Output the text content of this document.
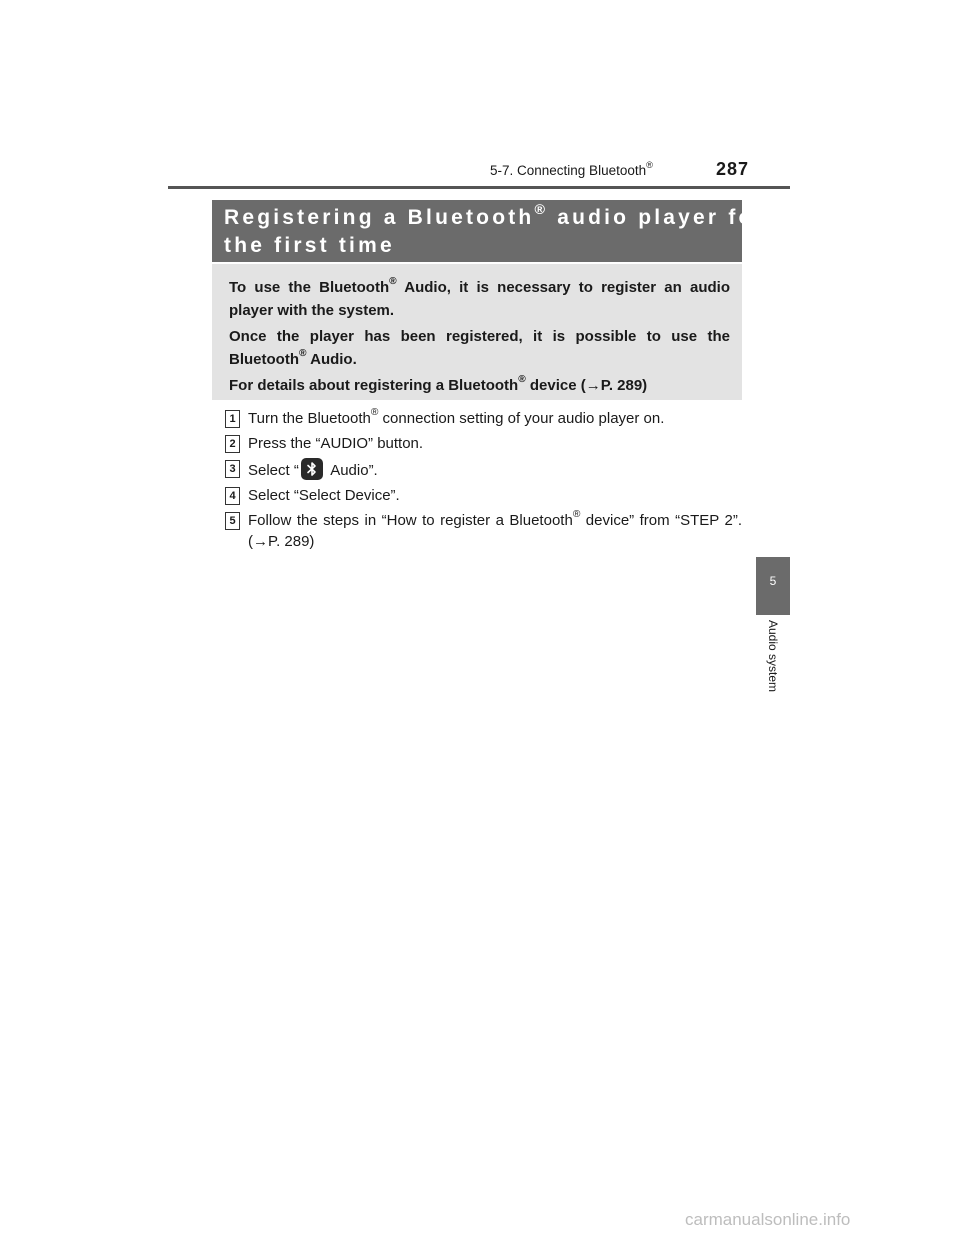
5-7. Connecting Bluetooth®	287
Registering a Bluetooth® audio player for
the first time

To use the Bluetooth® Audio, it is necessary to register an audio player with the system.

Once the player has been registered, it is possible to use the Bluetooth® Audio.

For details about registering a Bluetooth® device (→P. 289)

1 Turn the Bluetooth® connection setting of your audio player on.
2 Press the “AUDIO” button.
3 Select “
Audio”.
4 Select “Select Device”.
5 Follow the steps in “How to register a Bluetooth® device” from “STEP 2”. (→P. 289)
5
Audio system
carmanualsonline.info
